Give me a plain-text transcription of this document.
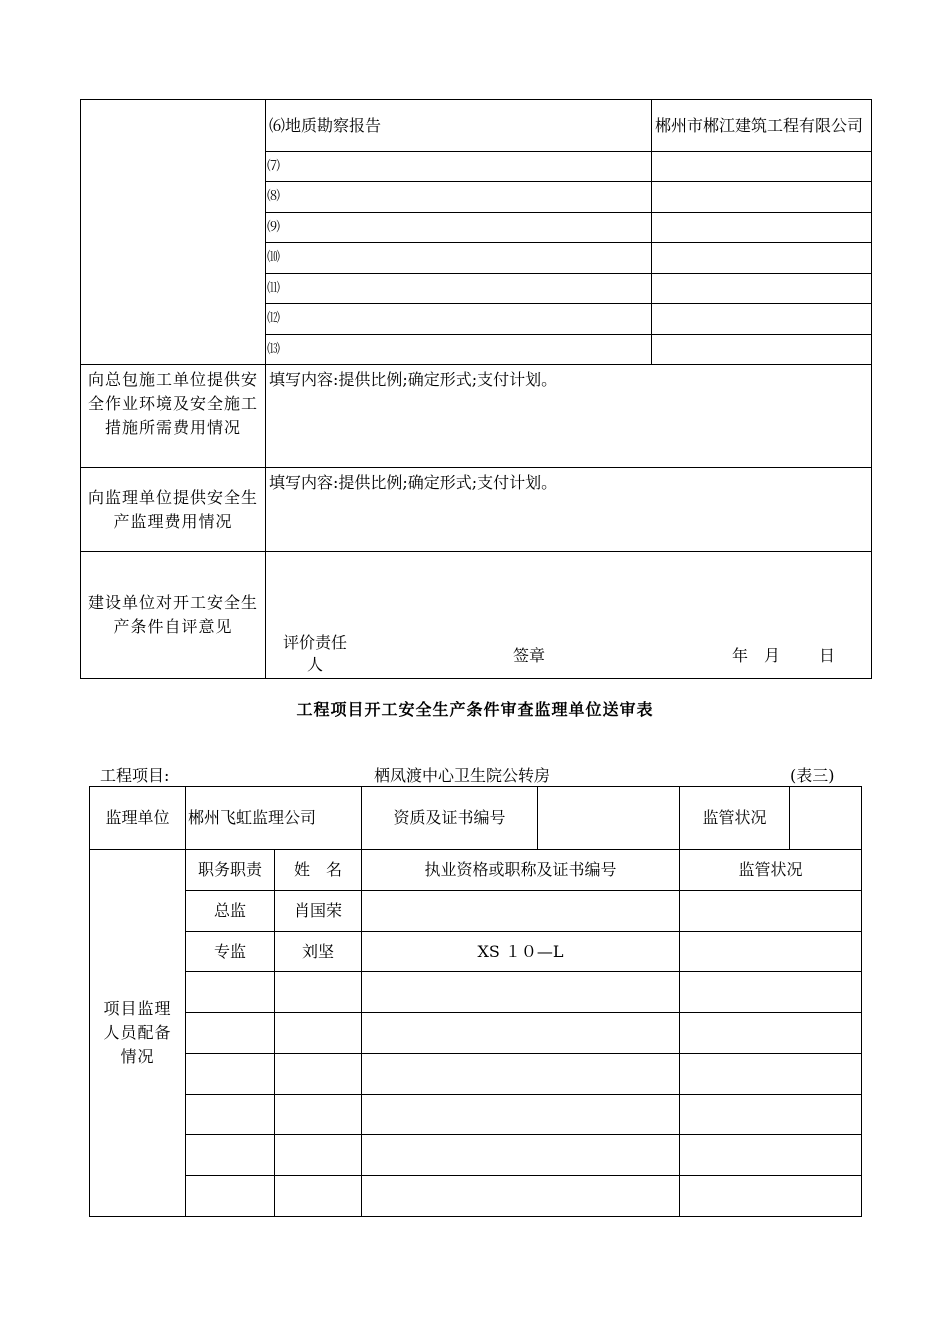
	⑹地质勘察报告	郴州市郴江建筑工程有限公司
	⑺	
	⑻	
	⑼	
	⑽	
	⑾	
	⑿	
	⒀	
向总包施工单位提供安全作业环境及安全施工措施所需费用情况	填写内容:提供比例;确定形式;支付计划。	
向监理单位提供安全生产监理费用情况	填写内容:提供比例;确定形式;支付计划。	
建设单位对开工安全生产条件自评意见	评价责任人 签章 年 月 日	
工程项目开工安全生产条件审查监理单位送审表
工程项目:	栖凤渡中心卫生院公转房	(表三)
监理单位	郴州飞虹监理公司		资质及证书编号		监管状况	
项目监理人员配备情况	职务职责	姓　名	执业资格或职称及证书编号		监管状况	
	总监	肖国荣				
	专监	刘坚	XS １０—L			
